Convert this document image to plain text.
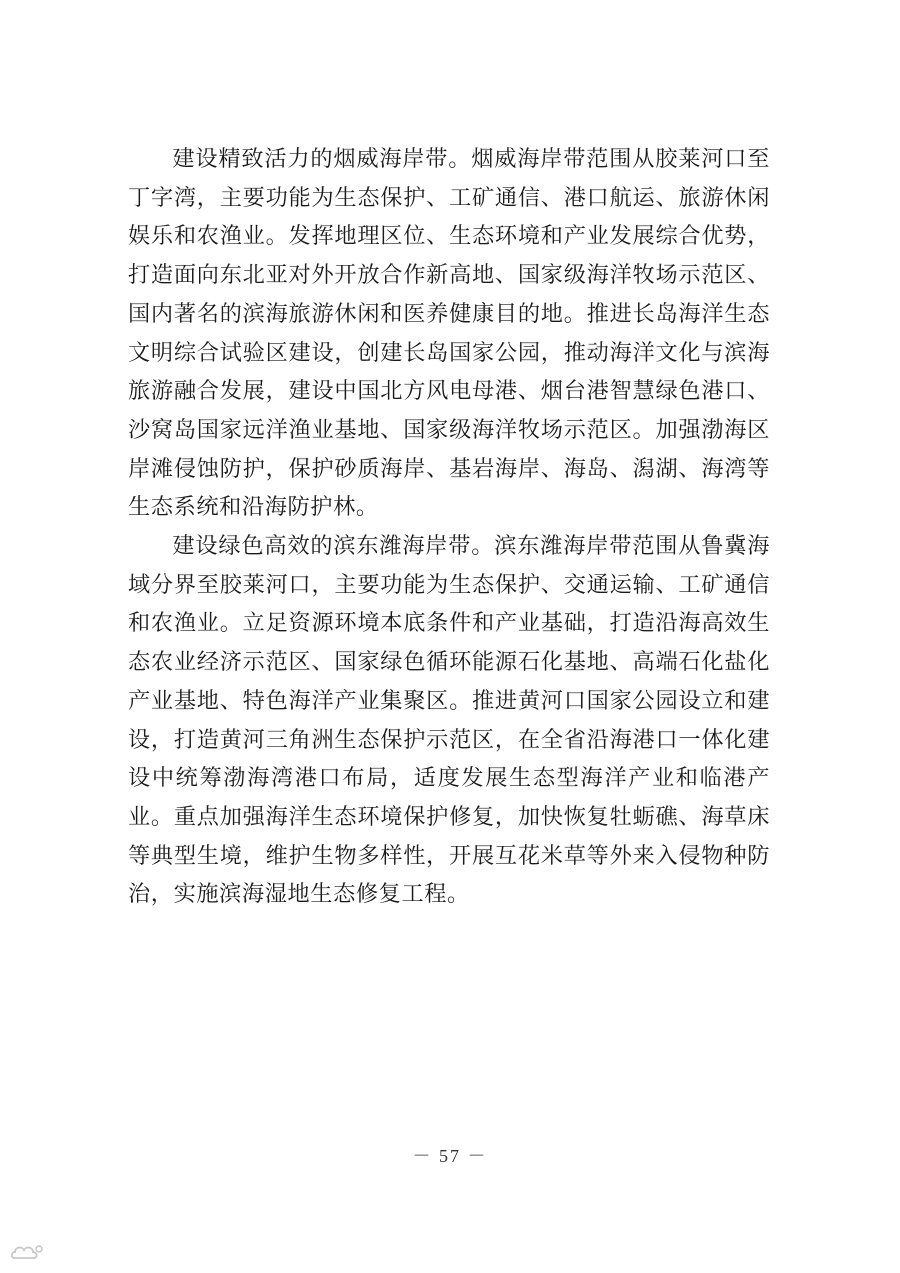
建设精致活力的烟威海岸带。烟威海岸带范围从胶莱河口至丁字湾，主要功能为生态保护、工矿通信、港口航运、旅游休闲娱乐和农渔业。发挥地理区位、生态环境和产业发展综合优势，打造面向东北亚对外开放合作新高地、国家级海洋牧场示范区、国内著名的滨海旅游休闲和医养健康目的地。推进长岛海洋生态文明综合试验区建设，创建长岛国家公园，推动海洋文化与滨海旅游融合发展，建设中国北方风电母港、烟台港智慧绿色港口、沙窝岛国家远洋渔业基地、国家级海洋牧场示范区。加强渤海区岸滩侵蚀防护，保护砂质海岸、基岩海岸、海岛、潟湖、海湾等生态系统和沿海防护林。

建设绿色高效的滨东潍海岸带。滨东潍海岸带范围从鲁冀海域分界至胶莱河口，主要功能为生态保护、交通运输、工矿通信和农渔业。立足资源环境本底条件和产业基础，打造沿海高效生态农业经济示范区、国家绿色循环能源石化基地、高端石化盐化产业基地、特色海洋产业集聚区。推进黄河口国家公园设立和建设，打造黄河三角洲生态保护示范区，在全省沿海港口一体化建设中统筹渤海湾港口布局，适度发展生态型海洋产业和临港产业。重点加强海洋生态环境保护修复，加快恢复牡蛎礁、海草床等典型生境，维护生物多样性，开展互花米草等外来入侵物种防治，实施滨海湿地生态修复工程。

－ 57 －
